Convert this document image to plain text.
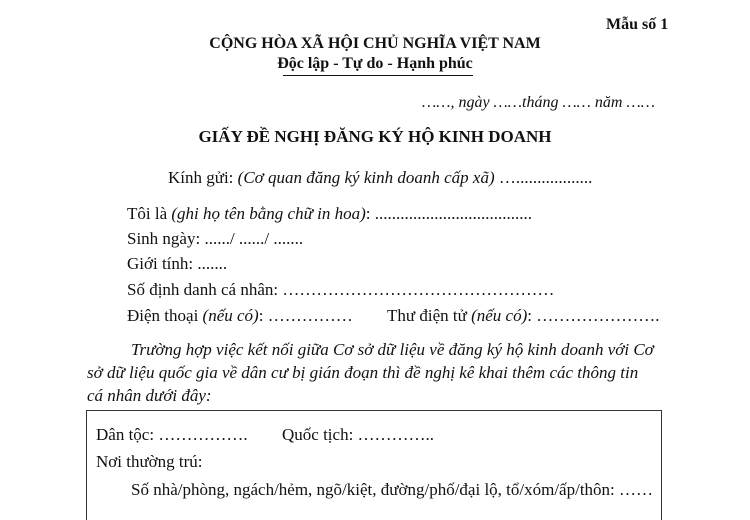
Mẫu số 1
CỘNG HÒA XÃ HỘI CHỦ NGHĨA VIỆT NAM
Độc lập - Tự do - Hạnh phúc
……, ngày ……tháng …… năm ……
GIẤY ĐỀ NGHỊ ĐĂNG KÝ HỘ KINH DOANH
Kính gửi: (Cơ quan đăng ký kinh doanh cấp xã) …..................
Tôi là (ghi họ tên bằng chữ in hoa): .....................................
Sinh ngày: ....../ ....../ .......
Giới tính: .......
Số định danh cá nhân: …………………………………………
Điện thoại (nếu có): …………… Thư điện tử (nếu có): ………………….
Trường hợp việc kết nối giữa Cơ sở dữ liệu về đăng ký hộ kinh doanh với Cơ
sở dữ liệu quốc gia về dân cư bị gián đoạn thì đề nghị kê khai thêm các thông tin
cá nhân dưới đây:
Dân tộc: ……………. Quốc tịch: …………..
Nơi thường trú:
Số nhà/phòng, ngách/hẻm, ngõ/kiệt, đường/phố/đại lộ, tổ/xóm/ấp/thôn: ……
